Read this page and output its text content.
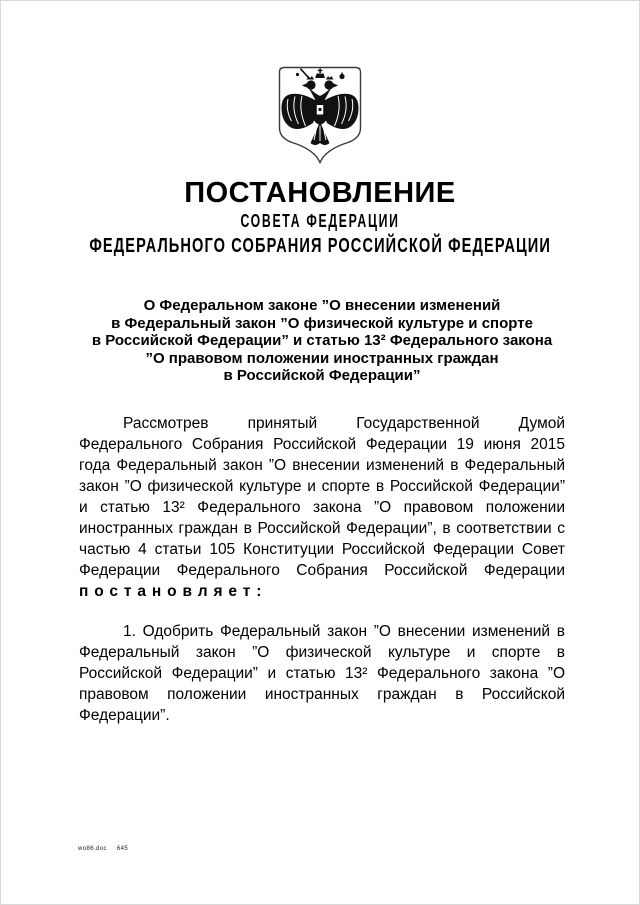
ПОСТАНОВЛЕНИЕ
СОВЕТА ФЕДЕРАЦИИ
ФЕДЕРАЛЬНОГО СОБРАНИЯ РОССИЙСКОЙ ФЕДЕРАЦИИ
О Федеральном законе ”О внесении изменений
в Федеральный закон ”О физической культуре и спорте
в Российской Федерации” и статью 13² Федерального закона
”О правовом положении иностранных граждан
в Российской Федерации”

Рассмотрев принятый Государственной Думой Федерального Собрания Российской Федерации 19 июня 2015 года Федеральный закон ”О внесении изменений в Федеральный закон ”О физической культуре и спорте в Российской Федерации” и статью 13² Федерального закона ”О правовом положении иностранных граждан в Российской Федерации”, в соответствии с частью 4 статьи 105 Конституции Российской Федерации Совет Федерации Федерального Собрания Российской Федерации

постановляет:

1. Одобрить Федеральный закон ”О внесении изменений в Федеральный закон ”О физической культуре и спорте в Российской Федерации” и статью 13² Федерального закона ”О правовом положении иностранных граждан в Российской Федерации”.

wo86.doc 645
